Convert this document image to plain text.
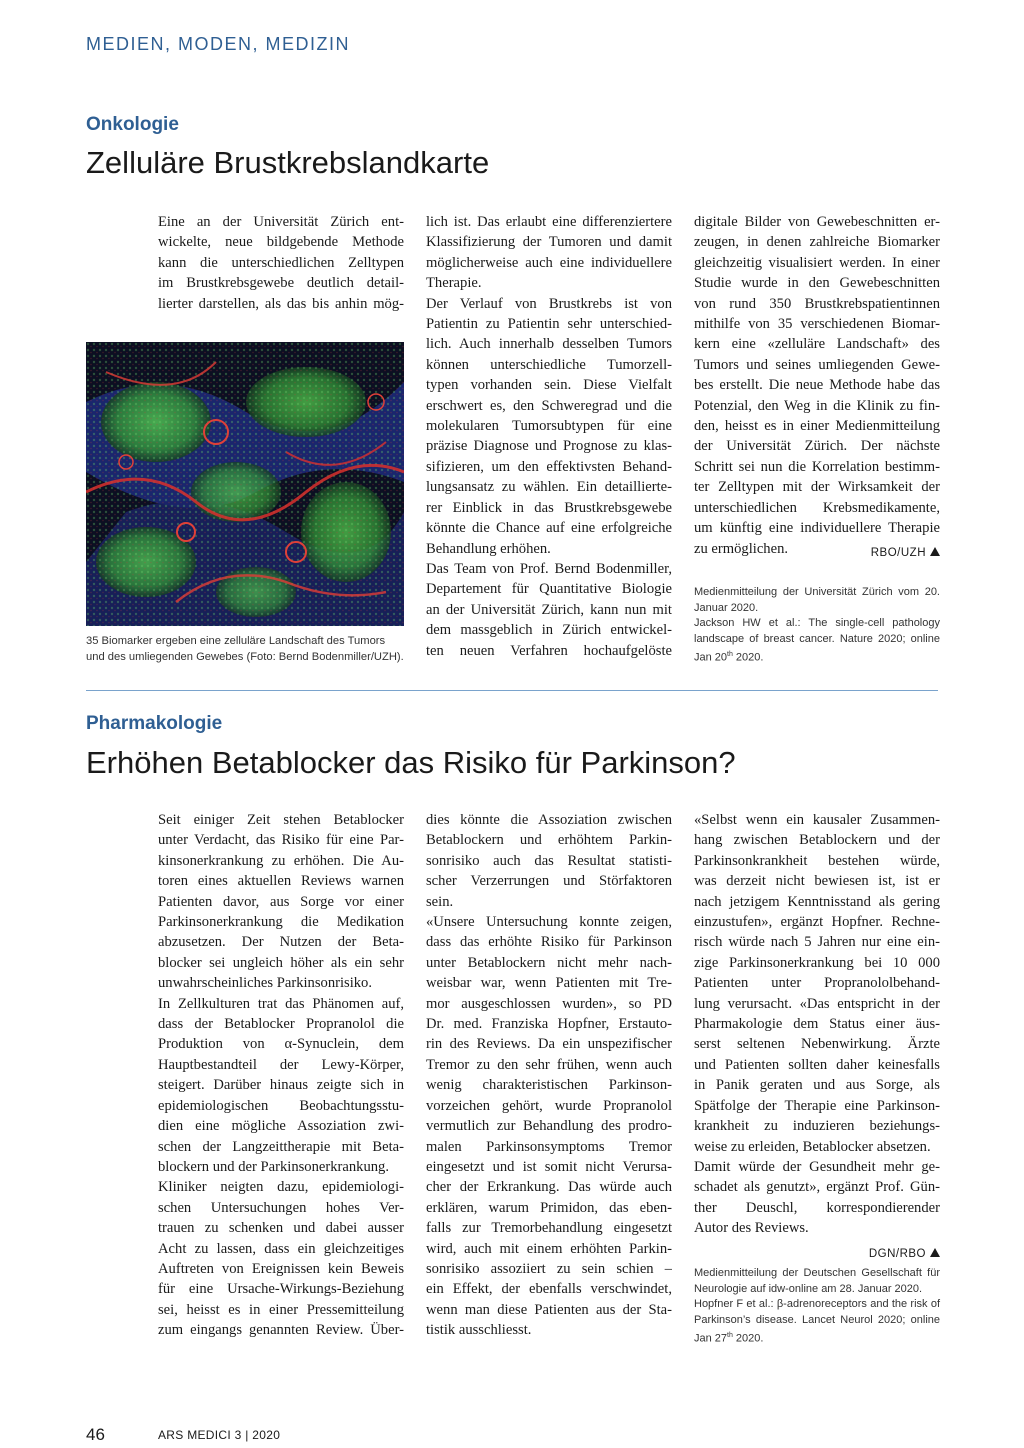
MEDIEN, MODEN, MEDIZIN
Onkologie
Zelluläre Brustkrebslandkarte

Eine an der Universität Zürich ent-

wickelte, neue bildgebende Methode

kann die unterschiedlichen Zelltypen

im Brustkrebsgewebe deutlich detail-

lierter darstellen, als das bis anhin mög-

35 Biomarker ergeben eine zelluläre Landschaft des Tumors und des umliegenden Gewebes (Foto: Bernd Bodenmiller/UZH).

lich ist. Das erlaubt eine differenziertere

Klassifizierung der Tumoren und damit

möglicherweise auch eine individuellere

Therapie.

Der Verlauf von Brustkrebs ist von

Patientin zu Patientin sehr unterschied-

lich. Auch innerhalb desselben Tumors

können unterschiedliche Tumorzell-

typen vorhanden sein. Diese Vielfalt

erschwert es, den Schweregrad und die

molekularen Tumorsubtypen für eine

präzise Diagnose und Prognose zu klas-

sifizieren, um den effektivsten Behand-

lungsansatz zu wählen. Ein detaillierte-

rer Einblick in das Brustkrebsgewebe

könnte die Chance auf eine erfolgreiche

Behandlung erhöhen.

Das Team von Prof. Bernd Bodenmiller,

Departement für Quantitative Biologie

an der Universität Zürich, kann nun mit

dem massgeblich in Zürich entwickel-

ten neuen Verfahren hochaufgelöste

digitale Bilder von Gewebeschnitten er-

zeugen, in denen zahlreiche Biomarker

gleichzeitig visualisiert werden. In einer

Studie wurde in den Gewebeschnitten

von rund 350 Brustkrebspatientinnen

mithilfe von 35 verschiedenen Biomar-

kern eine «zelluläre Landschaft» des

Tumors und seines umliegenden Gewe-

bes erstellt. Die neue Methode habe das

Potenzial, den Weg in die Klinik zu fin-

den, heisst es in einer Medienmitteilung

der Universität Zürich. Der nächste

Schritt sei nun die Korrelation bestimm-

ter Zelltypen mit der Wirksamkeit der

unterschiedlichen Krebsmedikamente,

um künftig eine individuellere Therapie

zu ermöglichen.	RBO/UZH

Medienmitteilung der Universität Zürich vom 20. Januar 2020.

Jackson HW et al.: The single-cell pathology landscape of breast cancer. Nature 2020; online Jan 20th 2020.

Pharmakologie
Erhöhen Betablocker das Risiko für Parkinson?

Seit einiger Zeit stehen Betablocker

unter Verdacht, das Risiko für eine Par-

kinsonerkrankung zu erhöhen. Die Au-

toren eines aktuellen Reviews warnen

Patienten davor, aus Sorge vor einer

Parkinsonerkrankung die Medikation

abzusetzen. Der Nutzen der Beta-

blocker sei ungleich höher als ein sehr

unwahrscheinliches Parkinsonrisiko.

In Zellkulturen trat das Phänomen auf,

dass der Betablocker Propranolol die

Produktion von α-Synuclein, dem

Hauptbestandteil der Lewy-Körper,

steigert. Darüber hinaus zeigte sich in

epidemiologischen Beobachtungsstu-

dien eine mögliche Assoziation zwi-

schen der Langzeittherapie mit Beta-

blockern und der Parkinsonerkrankung.

Kliniker neigten dazu, epidemiologi-

schen Untersuchungen hohes Ver-

trauen zu schenken und dabei ausser

Acht zu lassen, dass ein gleichzeitiges

Auftreten von Ereignissen kein Beweis

für eine Ursache-Wirkungs-Beziehung

sei, heisst es in einer Pressemitteilung

zum eingangs genannten Review. Über-

dies könnte die Assoziation zwischen

Betablockern und erhöhtem Parkin-

sonrisiko auch das Resultat statisti-

scher Verzerrungen und Störfaktoren

sein.

«Unsere Untersuchung konnte zeigen,

dass das erhöhte Risiko für Parkinson

unter Betablockern nicht mehr nach-

weisbar war, wenn Patienten mit Tre-

mor ausgeschlossen wurden», so PD

Dr. med. Franziska Hopfner, Erstauto-

rin des Reviews. Da ein unspezifischer

Tremor zu den sehr frühen, wenn auch

wenig charakteristischen Parkinson-

vorzeichen gehört, wurde Propranolol

vermutlich zur Behandlung des prodro-

malen Parkinsonsymptoms Tremor

eingesetzt und ist somit nicht Verursa-

cher der Erkrankung. Das würde auch

erklären, warum Primidon, das eben-

falls zur Tremorbehandlung eingesetzt

wird, auch mit einem erhöhten Parkin-

sonrisiko assoziiert zu sein schien –

ein Effekt, der ebenfalls verschwindet,

wenn man diese Patienten aus der Sta-

tistik ausschliesst.

«Selbst wenn ein kausaler Zusammen-

hang zwischen Betablockern und der

Parkinsonkrankheit bestehen würde,

was derzeit nicht bewiesen ist, ist er

nach jetzigem Kenntnisstand als gering

einzustufen», ergänzt Hopfner. Rechne-

risch würde nach 5 Jahren nur eine ein-

zige Parkinsonerkrankung bei 10 000

Patienten unter Propranololbehand-

lung verursacht. «Das entspricht in der

Pharmakologie dem Status einer äus-

serst seltenen Nebenwirkung. Ärzte

und Patienten sollten daher keinesfalls

in Panik geraten und aus Sorge, als

Spätfolge der Therapie eine Parkinson-

krankheit zu induzieren beziehungs-

weise zu erleiden, Betablocker absetzen.

Damit würde der Gesundheit mehr ge-

schadet als genutzt», ergänzt Prof. Gün-

ther Deuschl, korrespondierender

Autor des Reviews.

DGN/RBO

Medienmitteilung der Deutschen Gesellschaft für Neurologie auf idw-online am 28. Januar 2020.

Hopfner F et al.: β-adrenoreceptors and the risk of Parkinson’s disease. Lancet Neurol 2020; online Jan 27th 2020.

46	ARS MEDICI 3 | 2020
